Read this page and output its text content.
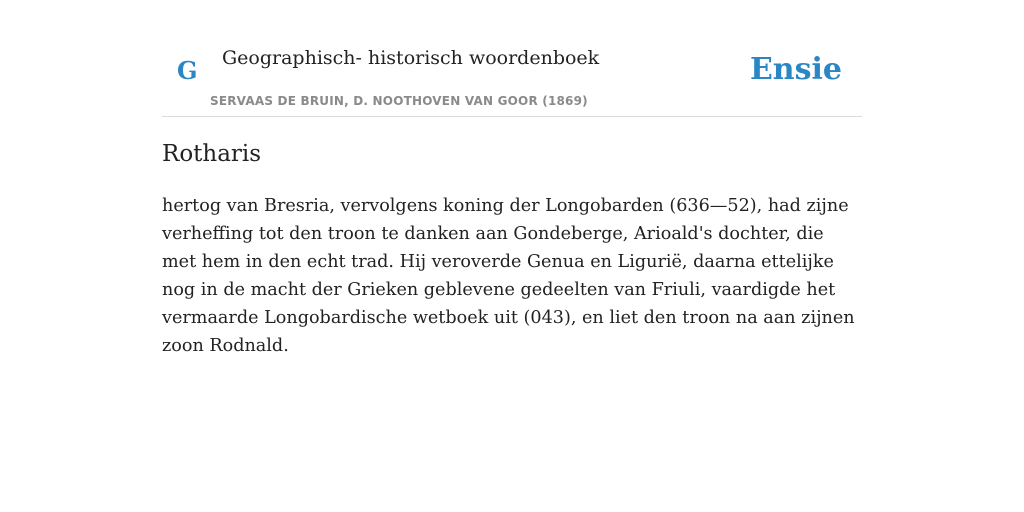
G Geographisch- historisch woordenboek
SERVAAS DE BRUIN, D. NOOTHOVEN VAN GOOR (1869)
Ensie
Rotharis

hertog van Bresria, vervolgens koning der Longobarden (636—52), had zijne verheffing tot den troon te danken aan Gondeberge, Arioald's dochter, die met hem in den echt trad. Hij veroverde Genua en Ligurië, daarna ettelijke nog in de macht der Grieken geblevene gedeelten van Friuli, vaardigde het vermaarde Longobardische wetboek uit (043), en liet den troon na aan zijnen zoon Rodnald.
